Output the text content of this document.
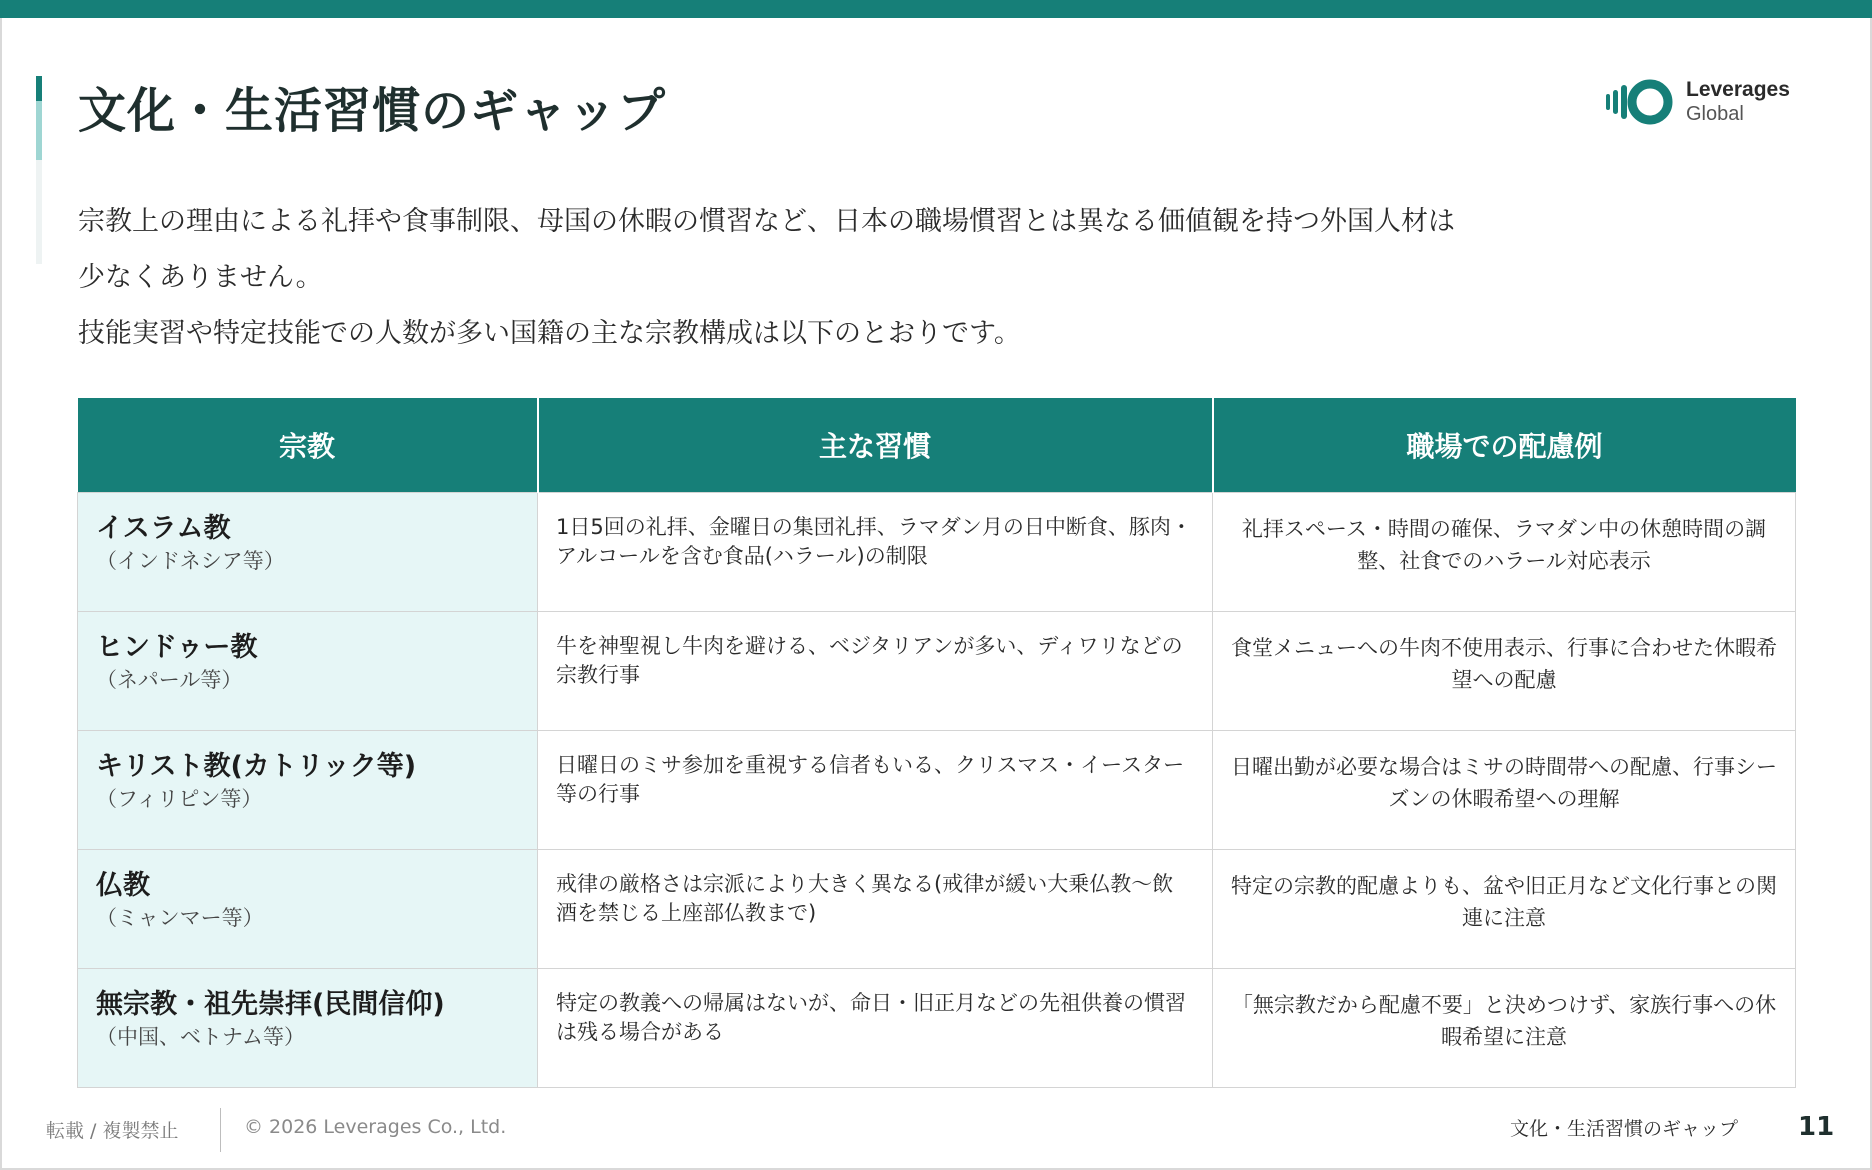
文化・生活習慣のギャップ	Leverages
Global

宗教上の理由による礼拝や食事制限、母国の休暇の慣習など、日本の職場慣習とは異なる価値観を持つ外国人材は

少なくありません。

技能実習や特定技能での人数が多い国籍の主な宗教構成は以下のとおりです。

宗教	主な習慣	職場での配慮例

イスラム教
（インドネシア等）	1日5回の礼拝、金曜日の集団礼拝、ラマダン月の日中断食、豚肉・アルコールを含む食品(ハラール)の制限	礼拝スペース・時間の確保、ラマダン中の休憩時間の調整、社食でのハラール対応表示

ヒンドゥー教
（ネパール等）	牛を神聖視し牛肉を避ける、ベジタリアンが多い、ディワリなどの宗教行事	食堂メニューへの牛肉不使用表示、行事に合わせた休暇希望への配慮

キリスト教(カトリック等)
（フィリピン等）	日曜日のミサ参加を重視する信者もいる、クリスマス・イースター等の行事	日曜出勤が必要な場合はミサの時間帯への配慮、行事シーズンの休暇希望への理解

仏教
（ミャンマー等）	戒律の厳格さは宗派により大きく異なる(戒律が緩い大乗仏教～飲酒を禁じる上座部仏教まで)	特定の宗教的配慮よりも、盆や旧正月など文化行事との関連に注意

無宗教・祖先崇拝(民間信仰)
（中国、ベトナム等）	特定の教義への帰属はないが、命日・旧正月などの先祖供養の慣習は残る場合がある	「無宗教だから配慮不要」と決めつけず、家族行事への休暇希望に注意
転載 / 複製禁止	© 2026 Leverages Co., Ltd.	文化・生活習慣のギャップ 11
